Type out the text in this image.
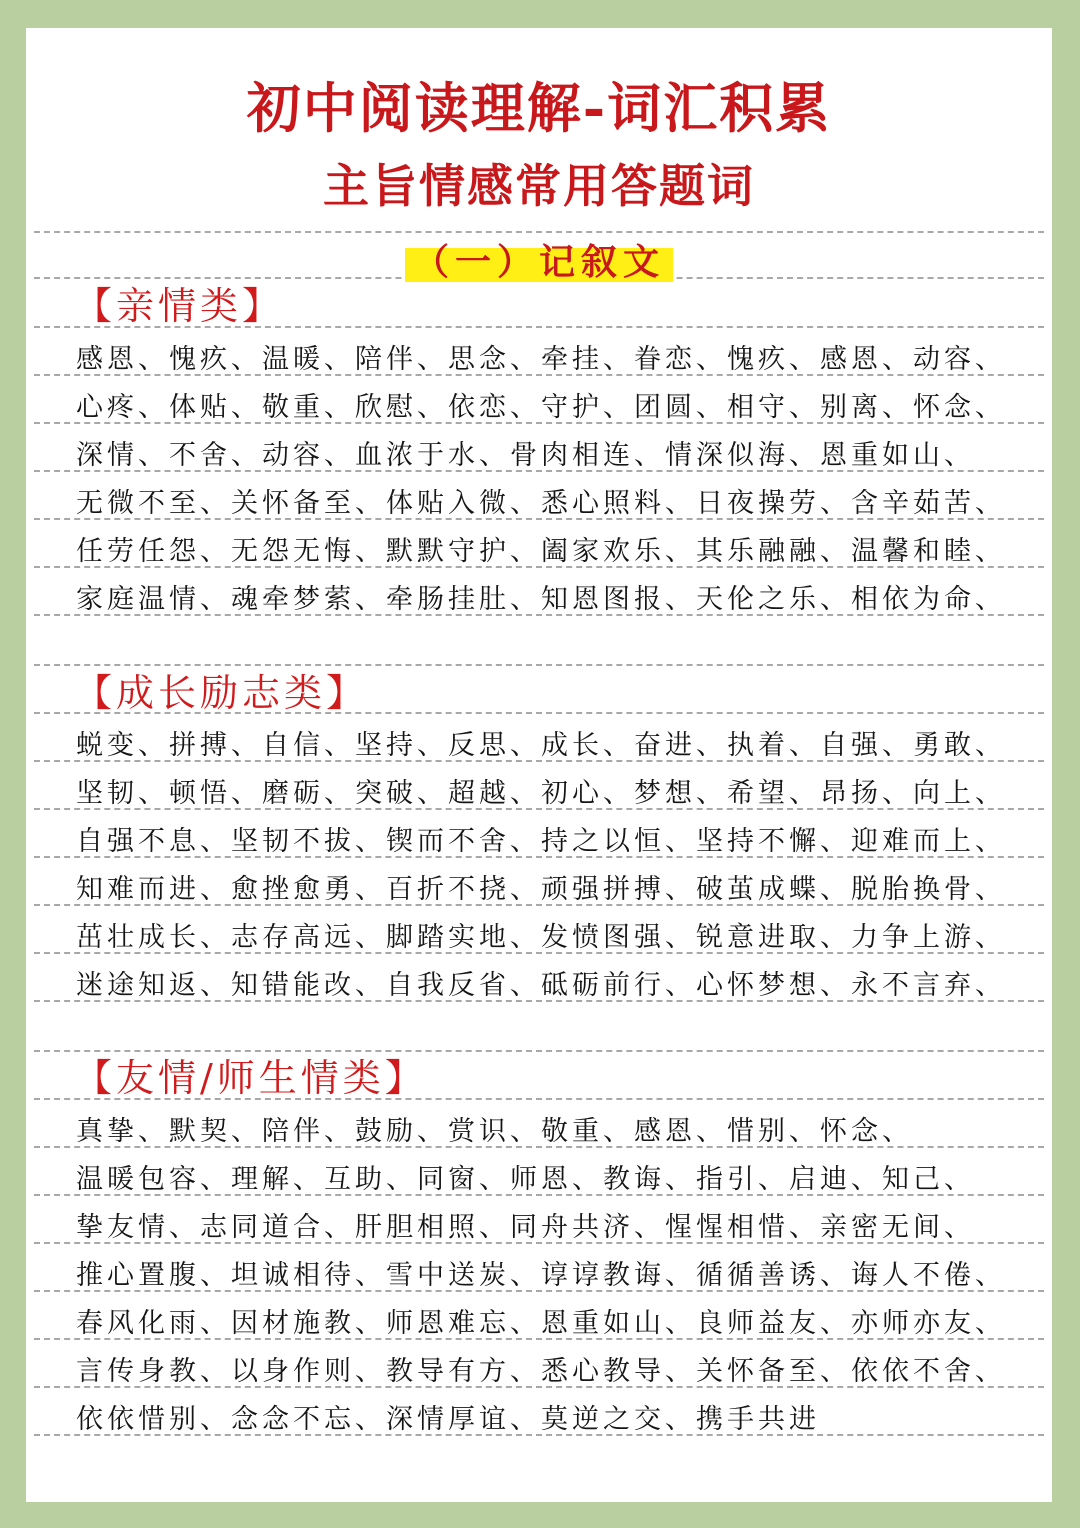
初中阅读理解-词汇积累
主旨情感常用答题词
（一）记叙文
【亲情类】
感恩、愧疚、温暖、陪伴、思念、牵挂、眷恋、愧疚、感恩、动容、
心疼、体贴、敬重、欣慰、依恋、守护、团圆、相守、别离、怀念、
深情、不舍、动容、血浓于水、骨肉相连、情深似海、恩重如山、
无微不至、关怀备至、体贴入微、悉心照料、日夜操劳、含辛茹苦、
任劳任怨、无怨无悔、默默守护、阖家欢乐、其乐融融、温馨和睦、
家庭温情、魂牵梦萦、牵肠挂肚、知恩图报、天伦之乐、相依为命、
【成长励志类】
蜕变、拼搏、自信、坚持、反思、成长、奋进、执着、自强、勇敢、
坚韧、顿悟、磨砺、突破、超越、初心、梦想、希望、昂扬、向上、
自强不息、坚韧不拔、锲而不舍、持之以恒、坚持不懈、迎难而上、
知难而进、愈挫愈勇、百折不挠、顽强拼搏、破茧成蝶、脱胎换骨、
茁壮成长、志存高远、脚踏实地、发愤图强、锐意进取、力争上游、
迷途知返、知错能改、自我反省、砥砺前行、心怀梦想、永不言弃、
【友情/师生情类】
真挚、默契、陪伴、鼓励、赏识、敬重、感恩、惜别、怀念、
温暖包容、理解、互助、同窗、师恩、教诲、指引、启迪、知己、
挚友情、志同道合、肝胆相照、同舟共济、惺惺相惜、亲密无间、
推心置腹、坦诚相待、雪中送炭、谆谆教诲、循循善诱、诲人不倦、
春风化雨、因材施教、师恩难忘、恩重如山、良师益友、亦师亦友、
言传身教、以身作则、教导有方、悉心教导、关怀备至、依依不舍、
依依惜别、念念不忘、深情厚谊、莫逆之交、携手共进
